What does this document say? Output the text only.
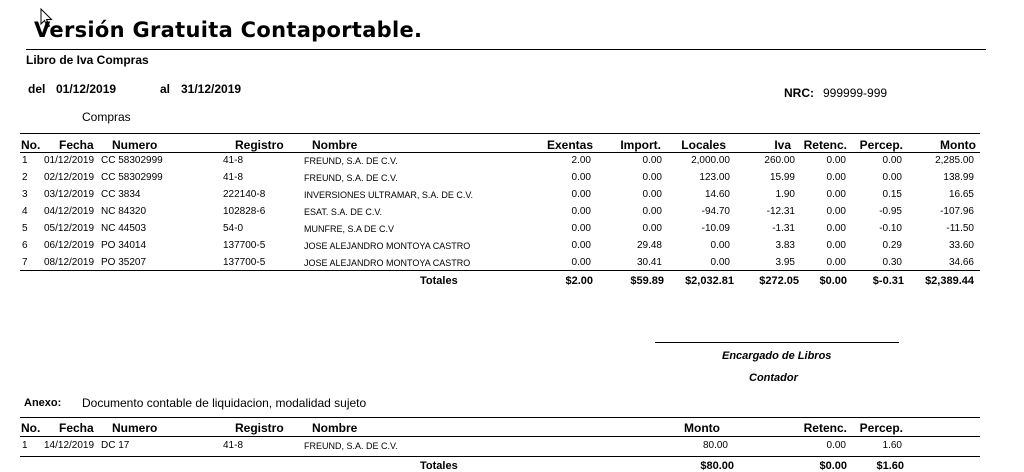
Versión Gratuita Contaportable.
Libro de Iva Compras
del 01/12/2019	al 31/12/2019	NRC: 999999-999
Compras
No. Fecha Numero	Registro Nombre	Exentas	Import.	Locales	Iva	Retenc.	Percep.	Monto
1 01/12/2019 CC 58302999	41-8	FREUND, S.A. DE C.V.	2.00	0.00	2,000.00	260.00	0.00	0.00	2,285.00
2 02/12/2019 CC 58302999	41-8	FREUND, S.A. DE C.V.	0.00	0.00	123.00	15.99	0.00	0.00	138.99
3 03/12/2019 CC 3834	222140-8	INVERSIONES ULTRAMAR, S.A. DE C.V.	0.00	0.00	14.60	1.90	0.00	0.15	16.65
4 04/12/2019 NC 84320	102828-6	ESAT. S.A. DE C.V.	0.00	0.00	-94.70	-12.31	0.00	-0.95	-107.96
5 05/12/2019 NC 44503	54-0	MUNFRE, S.A DE C.V	0.00	0.00	-10.09	-1.31	0.00	-0.10	-11.50
6 06/12/2019 PO 34014	137700-5	JOSE ALEJANDRO MONTOYA CASTRO	0.00	29.48	0.00	3.83	0.00	0.29	33.60
7 08/12/2019 PO 35207	137700-5	JOSE ALEJANDRO MONTOYA CASTRO	0.00	30.41	0.00	3.95	0.00	0.30	34.66
Totales	$2.00	$59.89	$2,032.81	$272.05	$0.00	$-0.31	$2,389.44
Encargado de Libros
Contador
Anexo: Documento contable de liquidacion, modalidad sujeto
No. Fecha Numero	Registro Nombre	Monto	Retenc.	Percep.
1 14/12/2019 DC 17	41-8	FREUND, S.A. DE C.V.	80.00	0.00	1.60
Totales	$80.00	$0.00	$1.60
